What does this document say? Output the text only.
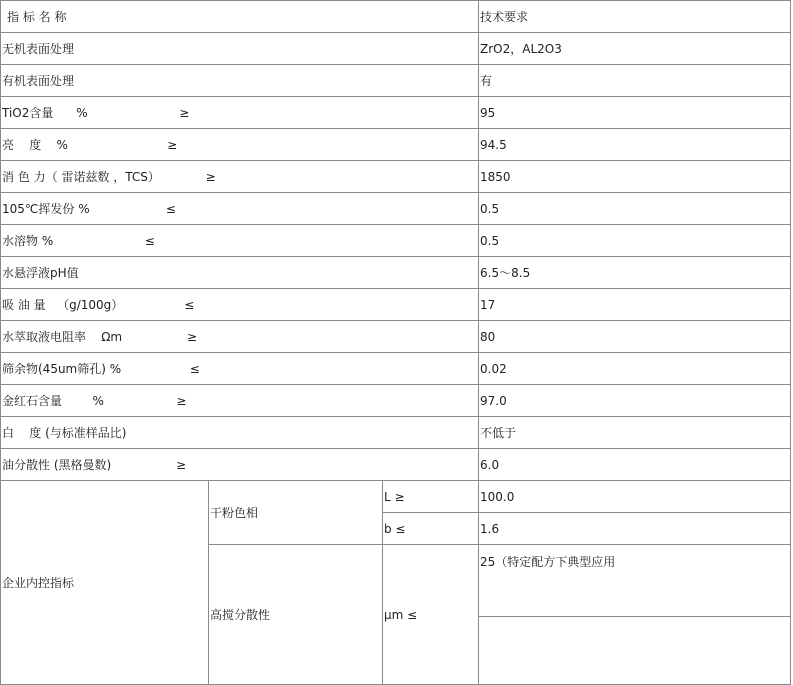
指 标 名 称			技术要求
无机表面处理			ZrO2，AL2O3
有机表面处理			有
TiO2含量      %                        ≥			95
亮    度    %                          ≥			94.5
消 色 力（ 雷诺兹数 ，TCS）            ≥			1850
105℃挥发份 %                    ≤			0.5
水溶物 %                        ≤			0.5
水悬浮液pH值			6.5～8.5
吸 油 量   （g/100g）                ≤			17
水萃取液电阻率    Ωm                 ≥			80
筛余物(45um筛孔) %                  ≤			0.02
金红石含量        %                   ≥			97.0
白    度 (与标准样品比)			不低于
油分散性 (黑格曼数)                 ≥			6.0
企业内控指标	干粉色相	L ≥	100.0
		b ≤	1.6
	高搅分散性	μm ≤	25（特定配方下典型应用
